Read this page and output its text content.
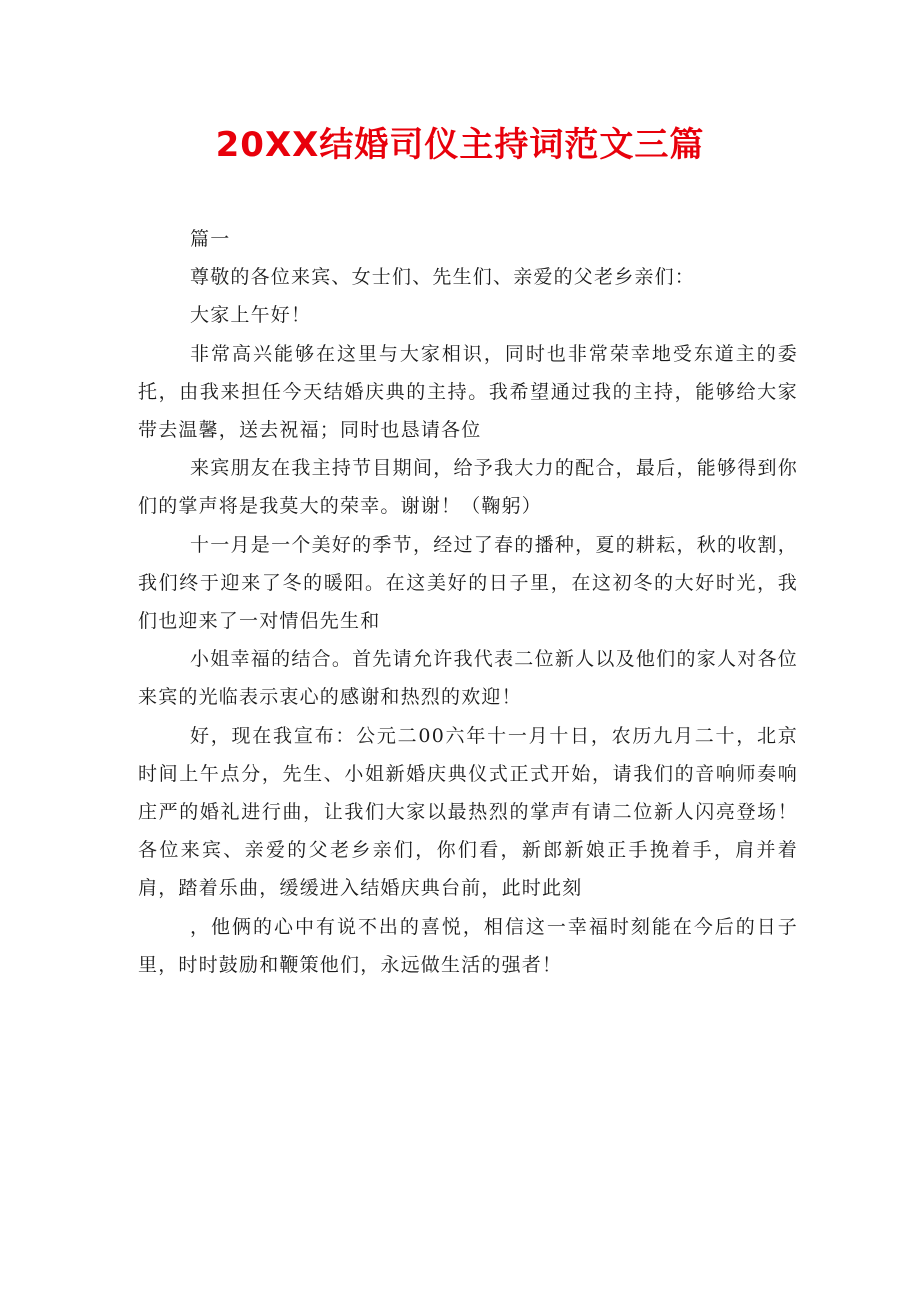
20XX结婚司仪主持词范文三篇

篇一

尊敬的各位来宾、女士们、先生们、亲爱的父老乡亲们：

大家上午好！

非常高兴能够在这里与大家相识，同时也非常荣幸地受东道主的委托，由我来担任今天结婚庆典的主持。我希望通过我的主持，能够给大家带去温馨，送去祝福；同时也恳请各位

来宾朋友在我主持节目期间，给予我大力的配合，最后，能够得到你们的掌声将是我莫大的荣幸。谢谢！（鞠躬）

十一月是一个美好的季节，经过了春的播种，夏的耕耘，秋的收割，我们终于迎来了冬的暖阳。在这美好的日子里，在这初冬的大好时光，我们也迎来了一对情侣先生和

小姐幸福的结合。首先请允许我代表二位新人以及他们的家人对各位来宾的光临表示衷心的感谢和热烈的欢迎！

好，现在我宣布：公元二00六年十一月十日，农历九月二十，北京时间上午点分，先生、小姐新婚庆典仪式正式开始，请我们的音响师奏响庄严的婚礼进行曲，让我们大家以最热烈的掌声有请二位新人闪亮登场！各位来宾、亲爱的父老乡亲们，你们看，新郎新娘正手挽着手，肩并着肩，踏着乐曲，缓缓进入结婚庆典台前，此时此刻

，他俩的心中有说不出的喜悦，相信这一幸福时刻能在今后的日子里，时时鼓励和鞭策他们，永远做生活的强者！
